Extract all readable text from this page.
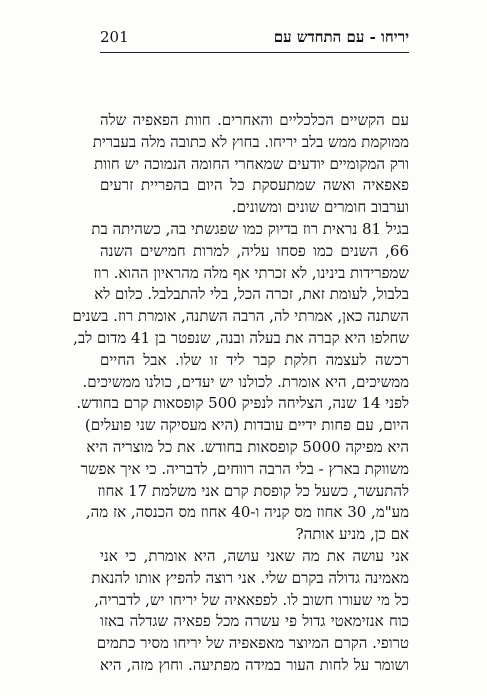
יריחו - עם התחדש עם
201
עם הקשיים הכלכליים והאחרים. חוות הפאפיה שלה
ממוקמת ממש בלב יריחו. בחוץ לא כתובה מלה בעברית
ורק המקומיים יודעים שמאחרי החומה הנמוכה יש חוות
פאפאיה ואשה שמתעסקת כל היום בהפריית זרעים
וערבוב חומרים שונים ומשונים.
בגיל 81 נראית רוז בדיוק כמו שפגשתי בה, כשהיתה בת
66, השנים כמו פסחו עליה, למרות חמישים השנה
שמפרידות בינינו, לא זכרתי אף מלה מהראיון ההוא. רוז
בלבול, לעומת זאת, זכרה הכל, בלי להתבלבל. כלום לא
השתנה כאן, אמרתי לה, הרבה השתנה, אומרת רוז. בשנים
שחלפו היא קברה את בעלה ובנה, שנפטר בן 41 מדום לב,
רכשה לעצמה חלקת קבר ליד זו שלו. אבל החיים
ממשיכים, היא אומרת. לכולנו יש יעדים, כולנו ממשיכים.
לפני 14 שנה, הצליחה לנפיק 500 קופסאות קרם בחודש.
היום, עם פחות ידיים עובדות (היא מעסיקה שני פועלים)
היא מפיקה 5000 קופסאות בחודש. את כל מוצריה היא
משווקת בארץ - בלי הרבה רווחים, לדבריה. כי איך אפשר
להתעשר, כשעל כל קופסת קרם אני משלמת 17 אחוז
מע"מ, 30 אחוז מס קניה ו-40 אחוז מס הכנסה, אז מה,
אם כן, מניע אותה?
אני עושה את מה שאני עושה, היא אומרת, כי אני
מאמינה גדולה בקרם שלי. אני רוצה להפיץ אותו להנאת
כל מי שעורו חשוב לו. לפפאאיה של יריחו יש, לדבריה,
כוח אנזימאטי גדול פי עשרה מכל פפאיה שגדלה באזו
טרופי. הקרם המיוצר מאפאפיה של יריחו מסיר כתמים
ושומר על לחות העור במידה מפתיעה. וחוץ מזה, היא
